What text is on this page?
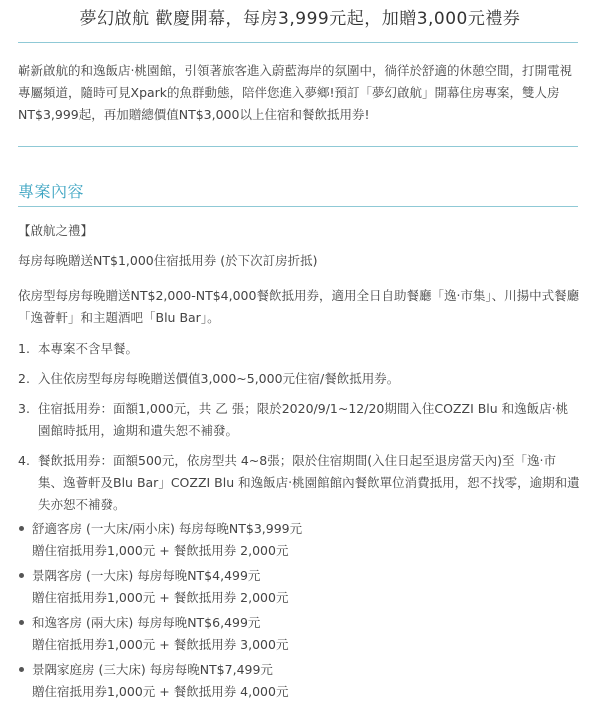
夢幻啟航 歡慶開幕，每房3,999元起，加贈3,000元禮券
嶄新啟航的和逸飯店‧桃園館，引領著旅客進入蔚藍海岸的氛圍中，徜徉於舒適的休憩空間，打開電視專屬頻道，隨時可見Xpark的魚群動態，陪伴您進入夢鄉!預訂「夢幻啟航」開幕住房專案，雙人房NT$3,999起，再加贈總價值NT$3,000以上住宿和餐飲抵用券!
專案內容
【啟航之禮】
每房每晚贈送NT$1,000住宿抵用券 (於下次訂房折抵)
依房型每房每晚贈送NT$2,000-NT$4,000餐飲抵用券，適用全日自助餐廳「逸‧市集」、川揚中式餐廳「逸薈軒」和主題酒吧「Blu Bar」。
1. 本專案不含早餐。
2. 入住依房型每房每晚贈送價值3,000~5,000元住宿/餐飲抵用券。
3. 住宿抵用券：面額1,000元，共 乙 張；限於2020/9/1~12/20期間入住COZZI Blu 和逸飯店‧桃園館時抵用，逾期和遺失恕不補發。
4. 餐飲抵用券：面額500元，依房型共 4~8張；限於住宿期間(入住日起至退房當天內)至「逸‧市集、逸薈軒及Blu Bar」COZZI Blu 和逸飯店‧桃園館館內餐飲單位消費抵用，恕不找零，逾期和遺失亦恕不補發。
舒適客房 (一大床/兩小床) 每房每晚NT$3,999元
贈住宿抵用券1,000元 + 餐飲抵用券 2,000元
景隅客房 (一大床) 每房每晚NT$4,499元
贈住宿抵用券1,000元 + 餐飲抵用券 2,000元
和逸客房 (兩大床) 每房每晚NT$6,499元
贈住宿抵用券1,000元 + 餐飲抵用券 3,000元
景隅家庭房 (三大床) 每房每晚NT$7,499元
贈住宿抵用券1,000元 + 餐飲抵用券 4,000元
